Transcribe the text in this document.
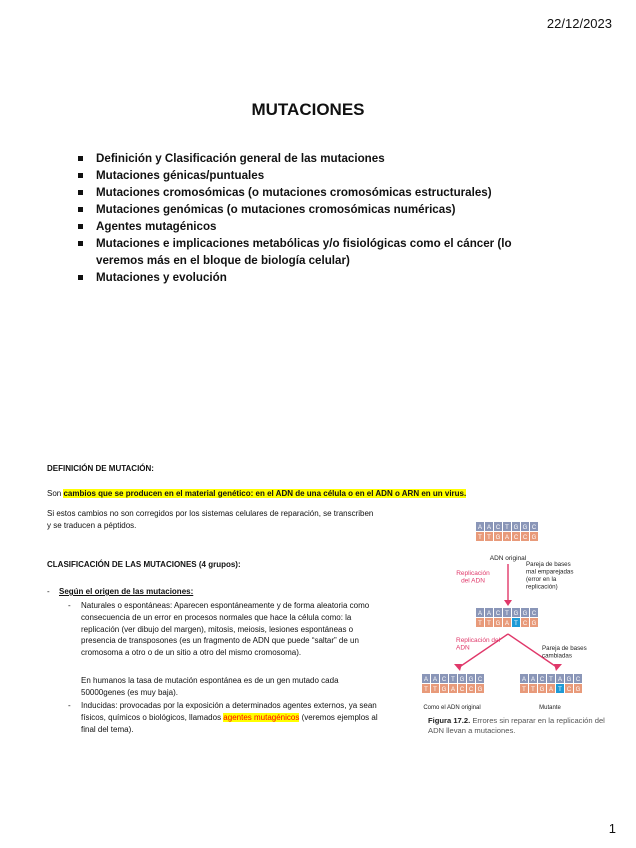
22/12/2023
MUTACIONES
Definición y Clasificación general de las mutaciones
Mutaciones génicas/puntuales
Mutaciones cromosómicas (o mutaciones cromosómicas estructurales)
Mutaciones genómicas (o mutaciones cromosómicas numéricas)
Agentes mutagénicos
Mutaciones e implicaciones metabólicas y/o fisiológicas como el cáncer (lo veremos más en el bloque de biología celular)
Mutaciones y evolución
DEFINICIÓN DE MUTACIÓN:
Son cambios que se producen en el material genético: en el ADN de una célula o en el ADN o ARN en un virus.
Si estos cambios no son corregidos por los sistemas celulares de reparación, se transcriben y se traducen a péptidos.
CLASIFICACIÓN DE LAS MUTACIONES (4 grupos):
- Según el origen de las mutaciones:
- Naturales o espontáneas: Aparecen espontáneamente y de forma aleatoria como consecuencia de un error en procesos normales que hace la célula como: la replicación (ver dibujo del margen), mitosis, meiosis, lesiones espontáneas o presencia de transposones (es un fragmento de ADN que puede “saltar” de un cromosoma a otro o de un sitio a otro del mismo cromosoma).
En humanos la tasa de mutación espontánea es de un gen mutado cada 50000genes (es muy baja).
- Inducidas: provocadas por la exposición a determinados agentes externos, ya sean físicos, químicos o biológicos, llamados agentes mutagénicos (veremos ejemplos al final del tema).
A
T
A
T
C
G
T
A
G
C
G
C
C
G
ADN original
Replicación del ADN
Pareja de bases mal emparejadas (error en la replicación)
A
T
A
T
C
G
T
A
G
T
G
C
C
G
Replicación del ADN	Pareja de bases cambiadas
A
T
A
T
C
G
T
A
G
C
G
C
C
G
A
T
A
T
C
G
T
A
A
T
G
C
C
G
Como el ADN original	Mutante
Figura 17.2. Errores sin reparar en la replicación del ADN llevan a mutaciones.
1
